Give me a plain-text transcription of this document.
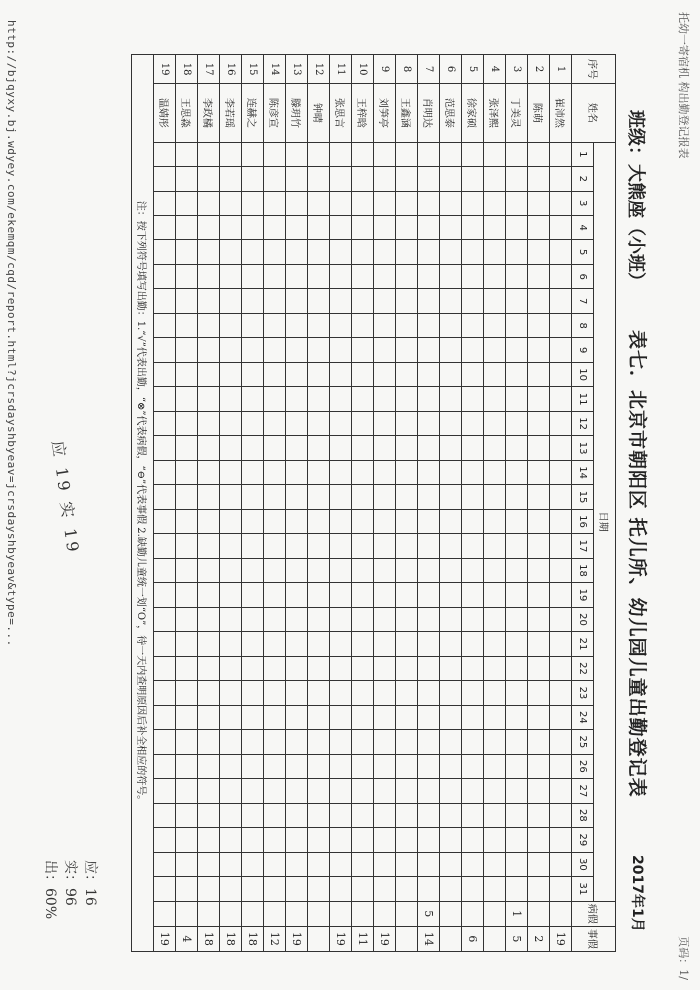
托幼一寄宿机 构出勤登记报表
页码：1/
班级：大熊座（小班）
表七．北京市朝阳区 托儿所、幼儿园儿童出勤登记表
2017年1月
序号	姓名	日期																															病假	事假
		1	2	3	4	5	6	7	8	9	10	11	12	13	14	15	16	17	18	19	20	21	22	23	24	25	26	27	28	29	30	31		
1	崔沛然																																	19
2	陈萌																																	2
3	丁美灵																																1	5
4	张泽熙																																	
5	徐家硕																																	6
6	范思泰																																	
7	肖明达																																5	14
8	王鑫涵																																	
9	刘笋亭																																	19
10	王梓晗																																	11
11	张思言																																	19
12	钟晴																																	
13	滕玥竹																																	19
14	陈彦宣																																	12
15	连赫之																																	18
16	李若瑶																																	18
17	李政橘																																	18
18	王思淼																																	4
19	温婧彤																																	19
注：按下列符号填写出勤：1.“√”代表出勤，“⊗”代表病假，“⊖”代表事假 2.缺勤儿童统一划“O”，待一天内查明原因后补全相应的符号。																																		
http://bjqyxy.bj.wdyey.com/ekemqm/cqd/report.html?jcrsdayshbyeav=jcrsdayshbyeav&type=... 应 19 实 19
应：16
实：96
出：60%
